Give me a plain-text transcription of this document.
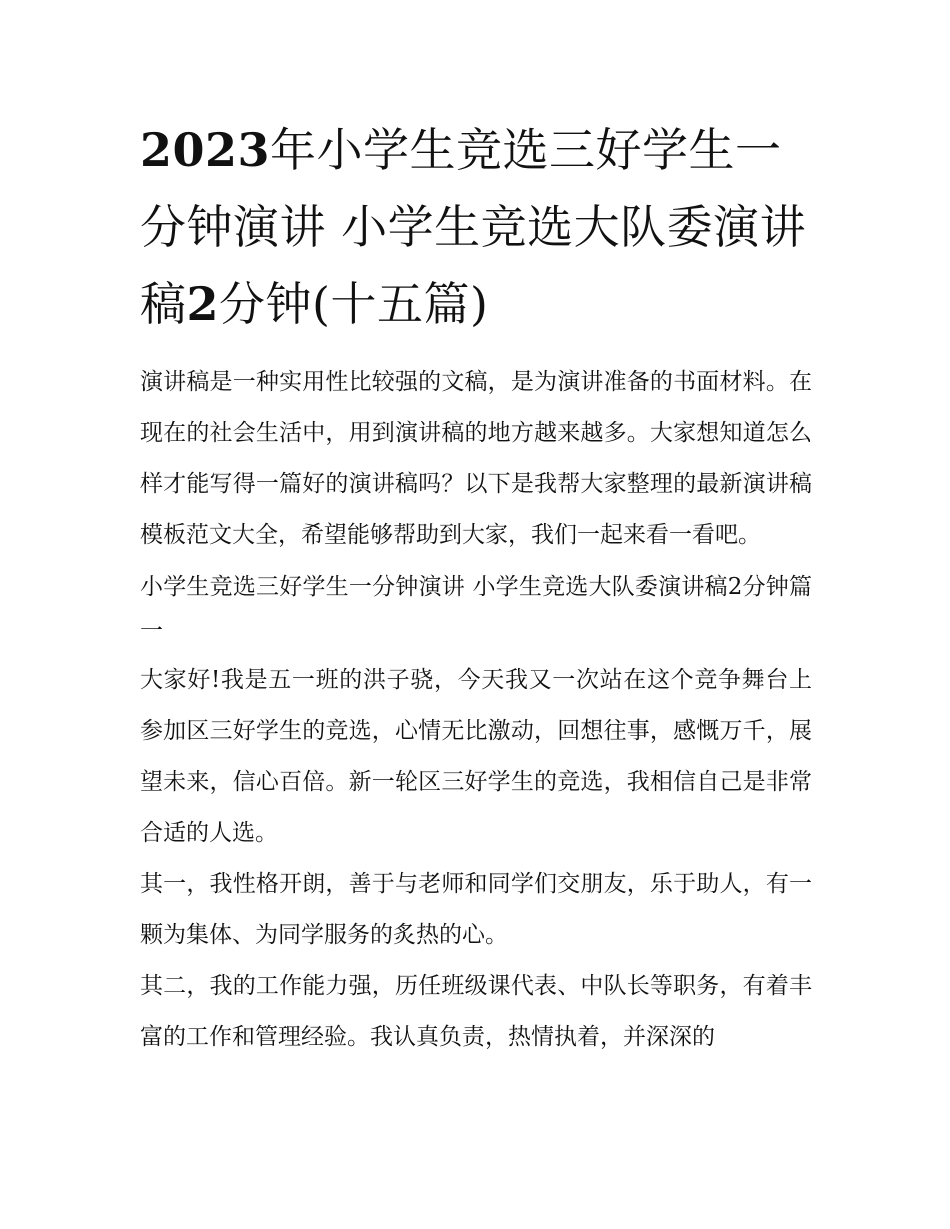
2023年小学生竞选三好学生一分钟演讲 小学生竞选大队委演讲稿2分钟(十五篇)

演讲稿是一种实用性比较强的文稿，是为演讲准备的书面材料。在现在的社会生活中，用到演讲稿的地方越来越多。大家想知道怎么样才能写得一篇好的演讲稿吗？以下是我帮大家整理的最新演讲稿模板范文大全，希望能够帮助到大家，我们一起来看一看吧。

小学生竞选三好学生一分钟演讲 小学生竞选大队委演讲稿2分钟篇一

大家好!我是五一班的洪子骁，今天我又一次站在这个竞争舞台上参加区三好学生的竞选，心情无比激动，回想往事，感慨万千，展望未来，信心百倍。新一轮区三好学生的竞选，我相信自己是非常合适的人选。

其一，我性格开朗，善于与老师和同学们交朋友，乐于助人，有一颗为集体、为同学服务的炙热的心。

其二，我的工作能力强，历任班级课代表、中队长等职务，有着丰富的工作和管理经验。我认真负责，热情执着，并深深的
